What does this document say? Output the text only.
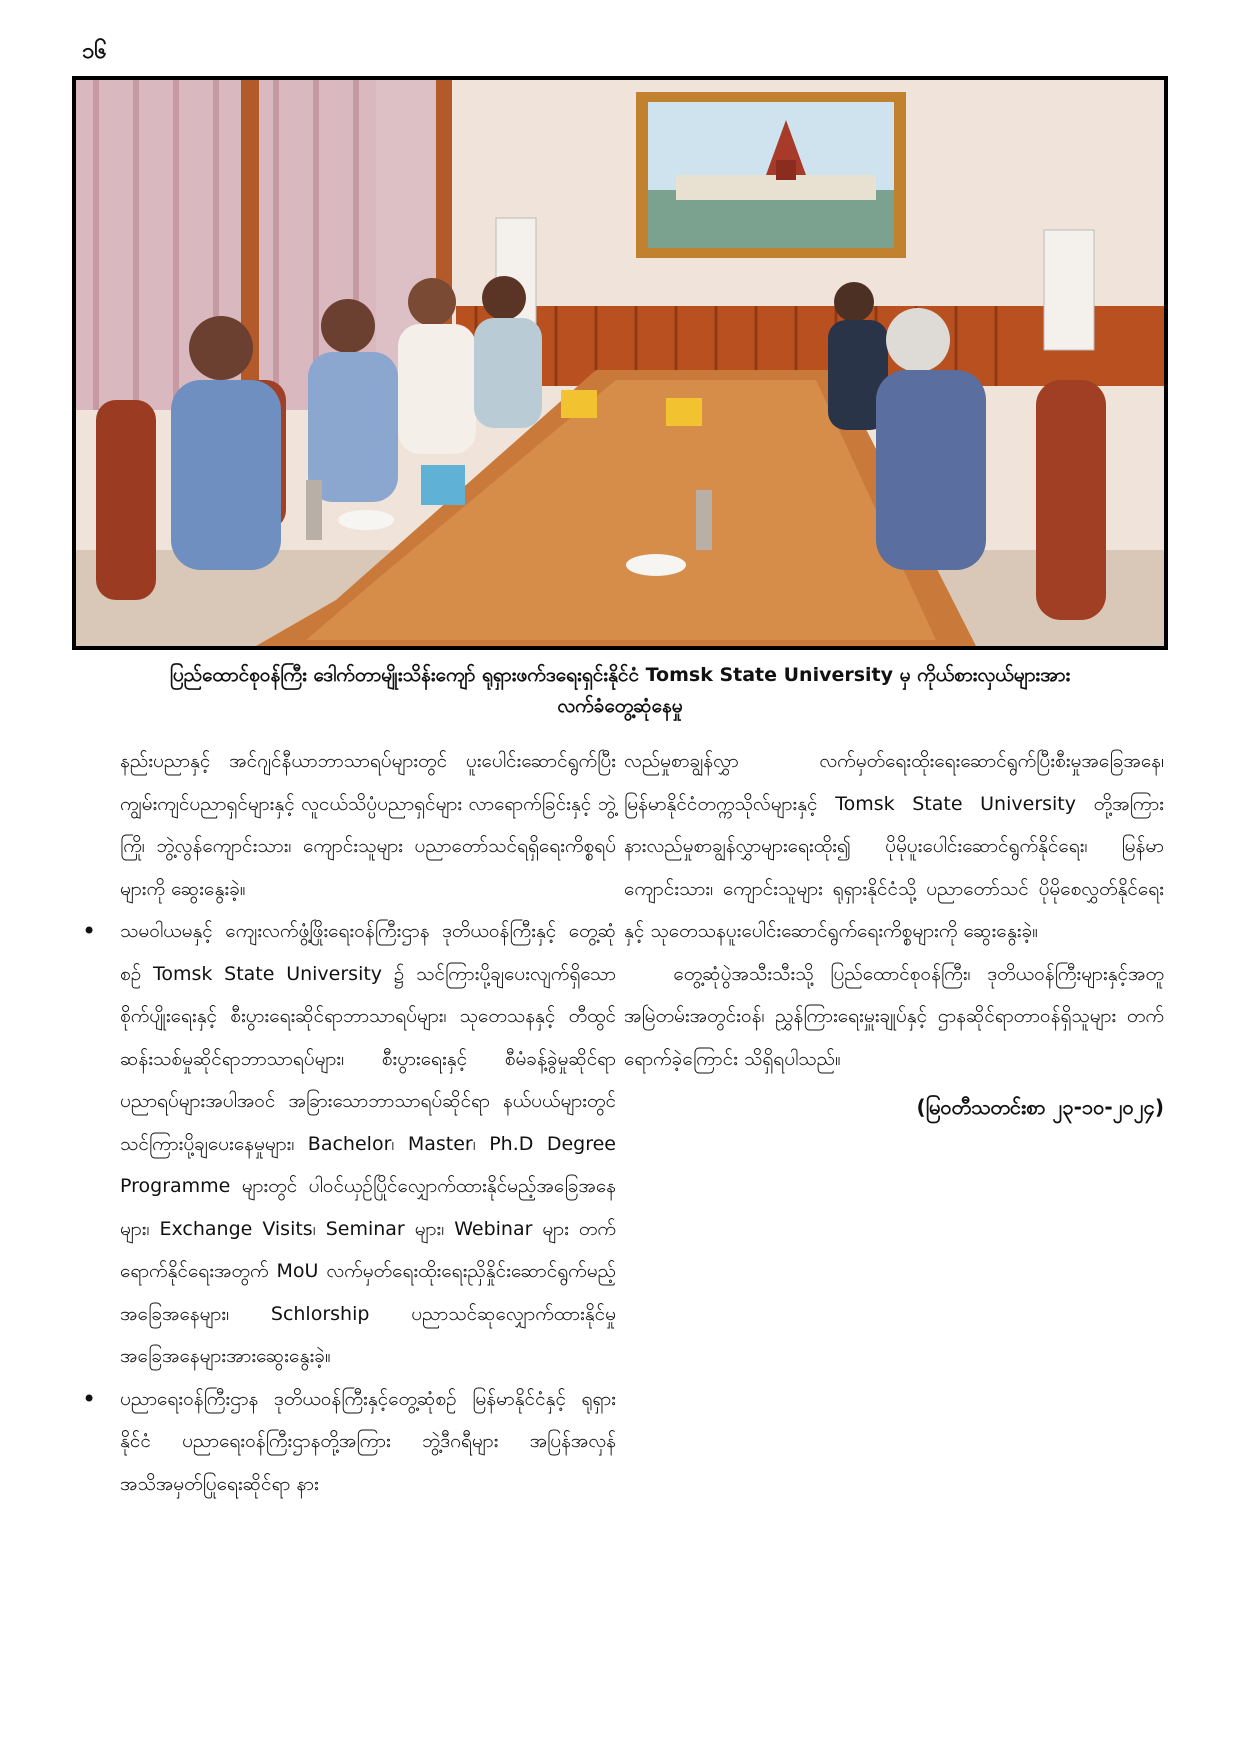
၁၆
ပြည်ထောင်စုဝန်ကြီး ဒေါက်တာမျိုးသိန်းကျော် ရုရှားဖက်ဒရေးရှင်းနိုင်ငံ Tomsk State University မှ ကိုယ်စားလှယ်များအား
လက်ခံတွေ့ဆုံနေမှု

နည်းပညာနှင့် အင်ဂျင်နီယာဘာသာရပ်များတွင် ပူးပေါင်းဆောင်ရွက်ပြီး ကျွမ်းကျင်ပညာရှင်များနှင့် လူငယ်သိပ္ပံပညာရှင်များ လာရောက်ခြင်းနှင့် ဘွဲ့ကြို၊ ဘွဲ့လွန်ကျောင်းသား၊ ကျောင်းသူများ ပညာတော်သင်ရရှိရေးကိစ္စရပ်များကို ဆွေးနွေးခဲ့။

• သမဝါယမနှင့် ကျေးလက်ဖွံ့ဖြိုးရေးဝန်ကြီးဌာန ဒုတိယဝန်ကြီးနှင့် တွေ့ဆုံစဉ် Tomsk State University ၌ သင်ကြားပို့ချပေးလျက်ရှိသော စိုက်ပျိုးရေးနှင့် စီးပွားရေးဆိုင်ရာဘာသာရပ်များ၊ သုတေသနနှင့် တီထွင်ဆန်းသစ်မှုဆိုင်ရာဘာသာရပ်များ၊ စီးပွားရေးနှင့် စီမံခန့်ခွဲမှုဆိုင်ရာ ပညာရပ်များအပါအဝင် အခြားသောဘာသာရပ်ဆိုင်ရာ နယ်ပယ်များတွင် သင်ကြားပို့ချပေးနေမှုများ၊ Bachelor၊ Master၊ Ph.D Degree Programme များတွင် ပါဝင်ယှဉ်ပြိုင်လျှောက်ထားနိုင်မည့်အခြေအနေများ၊ Exchange Visits၊ Seminar များ၊ Webinar များ တက်ရောက်နိုင်ရေးအတွက် MoU လက်မှတ်ရေးထိုးရေးညှိနှိုင်းဆောင်ရွက်မည့်အခြေအနေများ၊ Schlorship ပညာသင်ဆုလျှောက်ထားနိုင်မှုအခြေအနေများအားဆွေးနွေးခဲ့။

• ပညာရေးဝန်ကြီးဌာန ဒုတိယဝန်ကြီးနှင့်တွေ့ဆုံစဉ် မြန်မာနိုင်ငံနှင့် ရုရှားနိုင်ငံ ပညာရေးဝန်ကြီးဌာနတို့အကြား ဘွဲ့ဒီဂရီများ အပြန်အလှန် အသိအမှတ်ပြုရေးဆိုင်ရာ နား

လည်မှုစာချွန်လွှာ လက်မှတ်ရေးထိုးရေးဆောင်ရွက်ပြီးစီးမှုအခြေအနေ၊ မြန်မာနိုင်ငံတက္ကသိုလ်များနှင့် Tomsk State University တို့အကြား နားလည်မှုစာချွန်လွှာများရေးထိုး၍ ပိုမိုပူးပေါင်းဆောင်ရွက်နိုင်ရေး၊ မြန်မာကျောင်းသား၊ ကျောင်းသူများ ရုရှားနိုင်ငံသို့ ပညာတော်သင် ပိုမိုစေလွှတ်နိုင်ရေးနှင့် သုတေသနပူးပေါင်းဆောင်ရွက်ရေးကိစ္စများကို ဆွေးနွေးခဲ့။

တွေ့ဆုံပွဲအသီးသီးသို့ ပြည်ထောင်စုဝန်ကြီး၊ ဒုတိယဝန်ကြီးများနှင့်အတူ အမြဲတမ်းအတွင်းဝန်၊ ညွှန်ကြားရေးမှူးချုပ်နှင့် ဌာနဆိုင်ရာတာဝန်ရှိသူများ တက်ရောက်ခဲ့ကြောင်း သိရှိရပါသည်။

(မြဝတီသတင်းစာ ၂၃-၁၀-၂၀၂၄)
